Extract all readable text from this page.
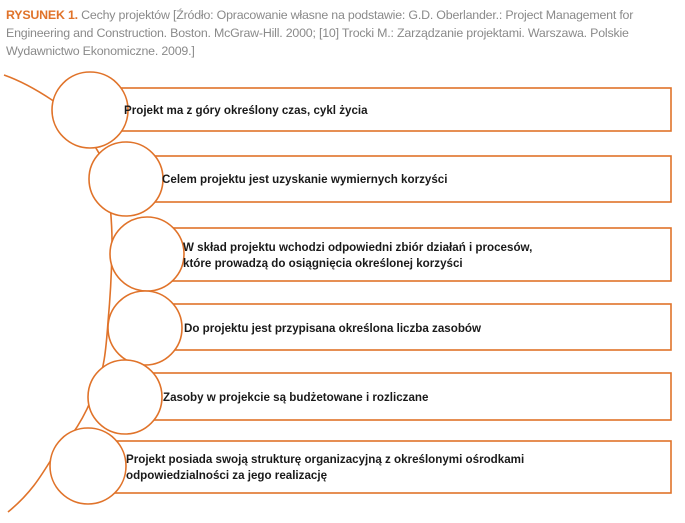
RYSUNEK 1. Cechy projektów [Źródło: Opracowanie własne na podstawie: G.D. Oberlander.: Project Management for Engineering and Construction. Boston. McGraw-Hill. 2000; [10] Trocki M.: Zarządzanie projektami. Warszawa. Polskie Wydawnictwo Ekonomiczne. 2009.]
Projekt ma z góry określony czas, cykl życia
Celem projektu jest uzyskanie wymiernych korzyści
W skład projektu wchodzi odpowiedni zbiór działań i procesów, które prowadzą do osiągnięcia określonej korzyści
Do projektu jest przypisana określona liczba zasobów
Zasoby w projekcie są budżetowane i rozliczane
Projekt posiada swoją strukturę organizacyjną z określonymi ośrodkami odpowiedzialności za jego realizację
